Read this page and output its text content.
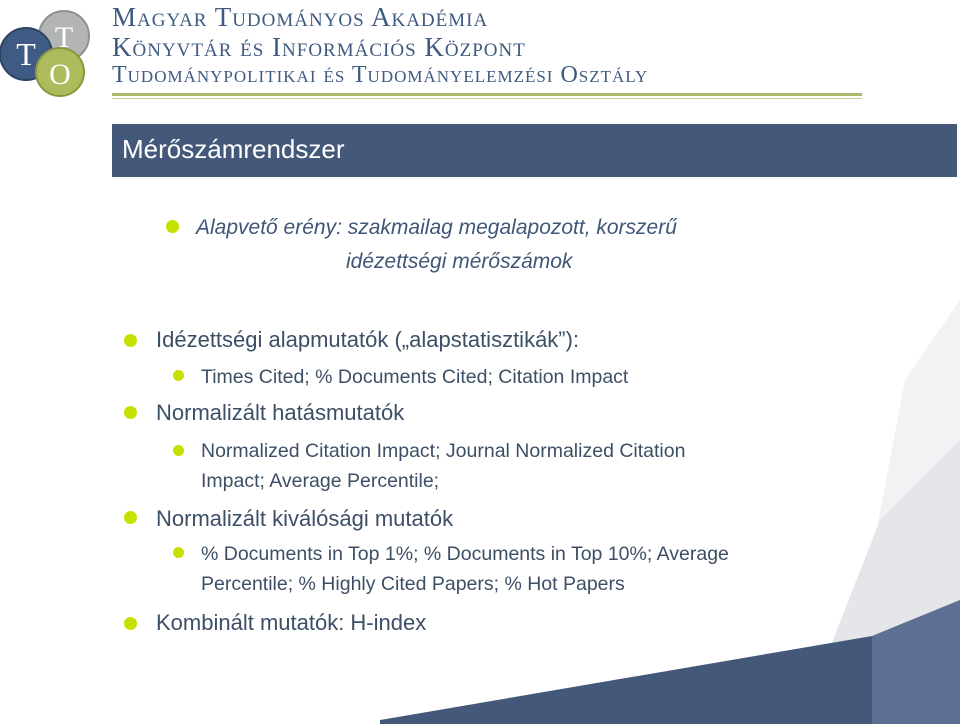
T
T
O
Magyar Tudományos Akadémia
Könyvtár és Információs Központ
Tudománypolitikai és Tudományelemzési Osztály
Mérőszámrendszer
Alapvető erény: szakmailag megalapozott, korszerű
idézettségi mérőszámok
Idézettségi alapmutatók („alapstatisztikák”):
Times Cited; % Documents Cited; Citation Impact
Normalizált hatásmutatók
Normalized Citation Impact; Journal Normalized Citation
Impact; Average Percentile;
Normalizált kiválósági mutatók
% Documents in Top 1%; % Documents in Top 10%; Average
Percentile; % Highly Cited Papers; % Hot Papers
Kombinált mutatók: H-index
